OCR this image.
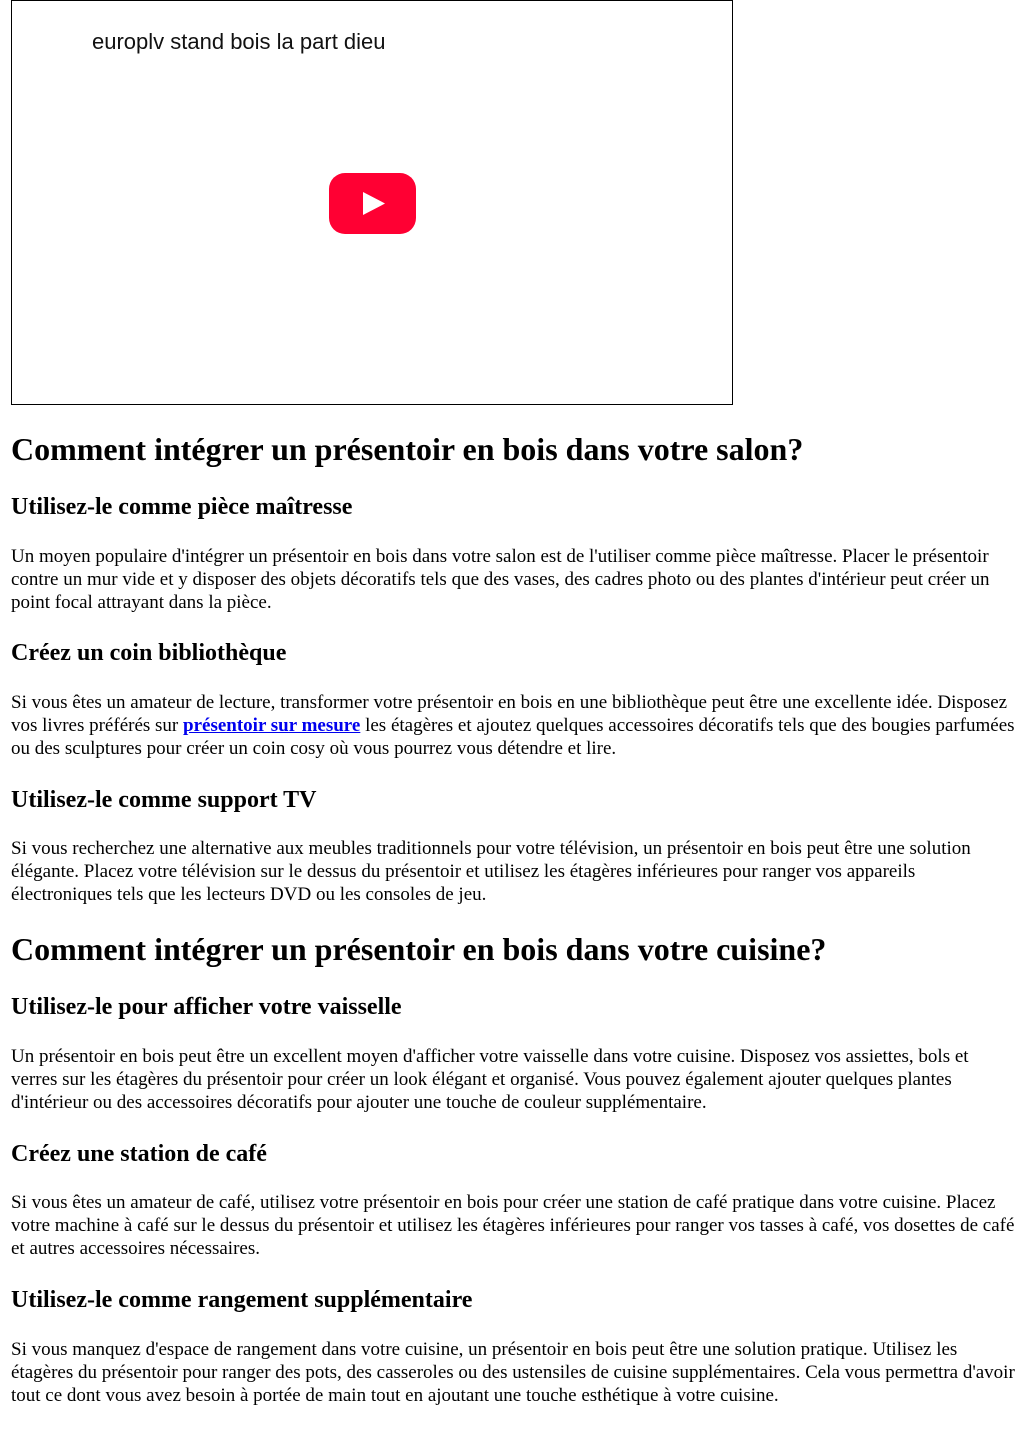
europlv stand bois la part dieu
Comment intégrer un présentoir en bois dans votre salon?
Utilisez-le comme pièce maîtresse

Un moyen populaire d'intégrer un présentoir en bois dans votre salon est de l'utiliser comme pièce maîtresse. Placer le présentoir contre un mur vide et y disposer des objets décoratifs tels que des vases, des cadres photo ou des plantes d'intérieur peut créer un point focal attrayant dans la pièce.

Créez un coin bibliothèque

Si vous êtes un amateur de lecture, transformer votre présentoir en bois en une bibliothèque peut être une excellente idée. Disposez vos livres préférés sur présentoir sur mesure les étagères et ajoutez quelques accessoires décoratifs tels que des bougies parfumées ou des sculptures pour créer un coin cosy où vous pourrez vous détendre et lire.

Utilisez-le comme support TV

Si vous recherchez une alternative aux meubles traditionnels pour votre télévision, un présentoir en bois peut être une solution élégante. Placez votre télévision sur le dessus du présentoir et utilisez les étagères inférieures pour ranger vos appareils électroniques tels que les lecteurs DVD ou les consoles de jeu.

Comment intégrer un présentoir en bois dans votre cuisine?
Utilisez-le pour afficher votre vaisselle

Un présentoir en bois peut être un excellent moyen d'afficher votre vaisselle dans votre cuisine. Disposez vos assiettes, bols et verres sur les étagères du présentoir pour créer un look élégant et organisé. Vous pouvez également ajouter quelques plantes d'intérieur ou des accessoires décoratifs pour ajouter une touche de couleur supplémentaire.

Créez une station de café

Si vous êtes un amateur de café, utilisez votre présentoir en bois pour créer une station de café pratique dans votre cuisine. Placez votre machine à café sur le dessus du présentoir et utilisez les étagères inférieures pour ranger vos tasses à café, vos dosettes de café et autres accessoires nécessaires.

Utilisez-le comme rangement supplémentaire

Si vous manquez d'espace de rangement dans votre cuisine, un présentoir en bois peut être une solution pratique. Utilisez les étagères du présentoir pour ranger des pots, des casseroles ou des ustensiles de cuisine supplémentaires. Cela vous permettra d'avoir tout ce dont vous avez besoin à portée de main tout en ajoutant une touche esthétique à votre cuisine.
